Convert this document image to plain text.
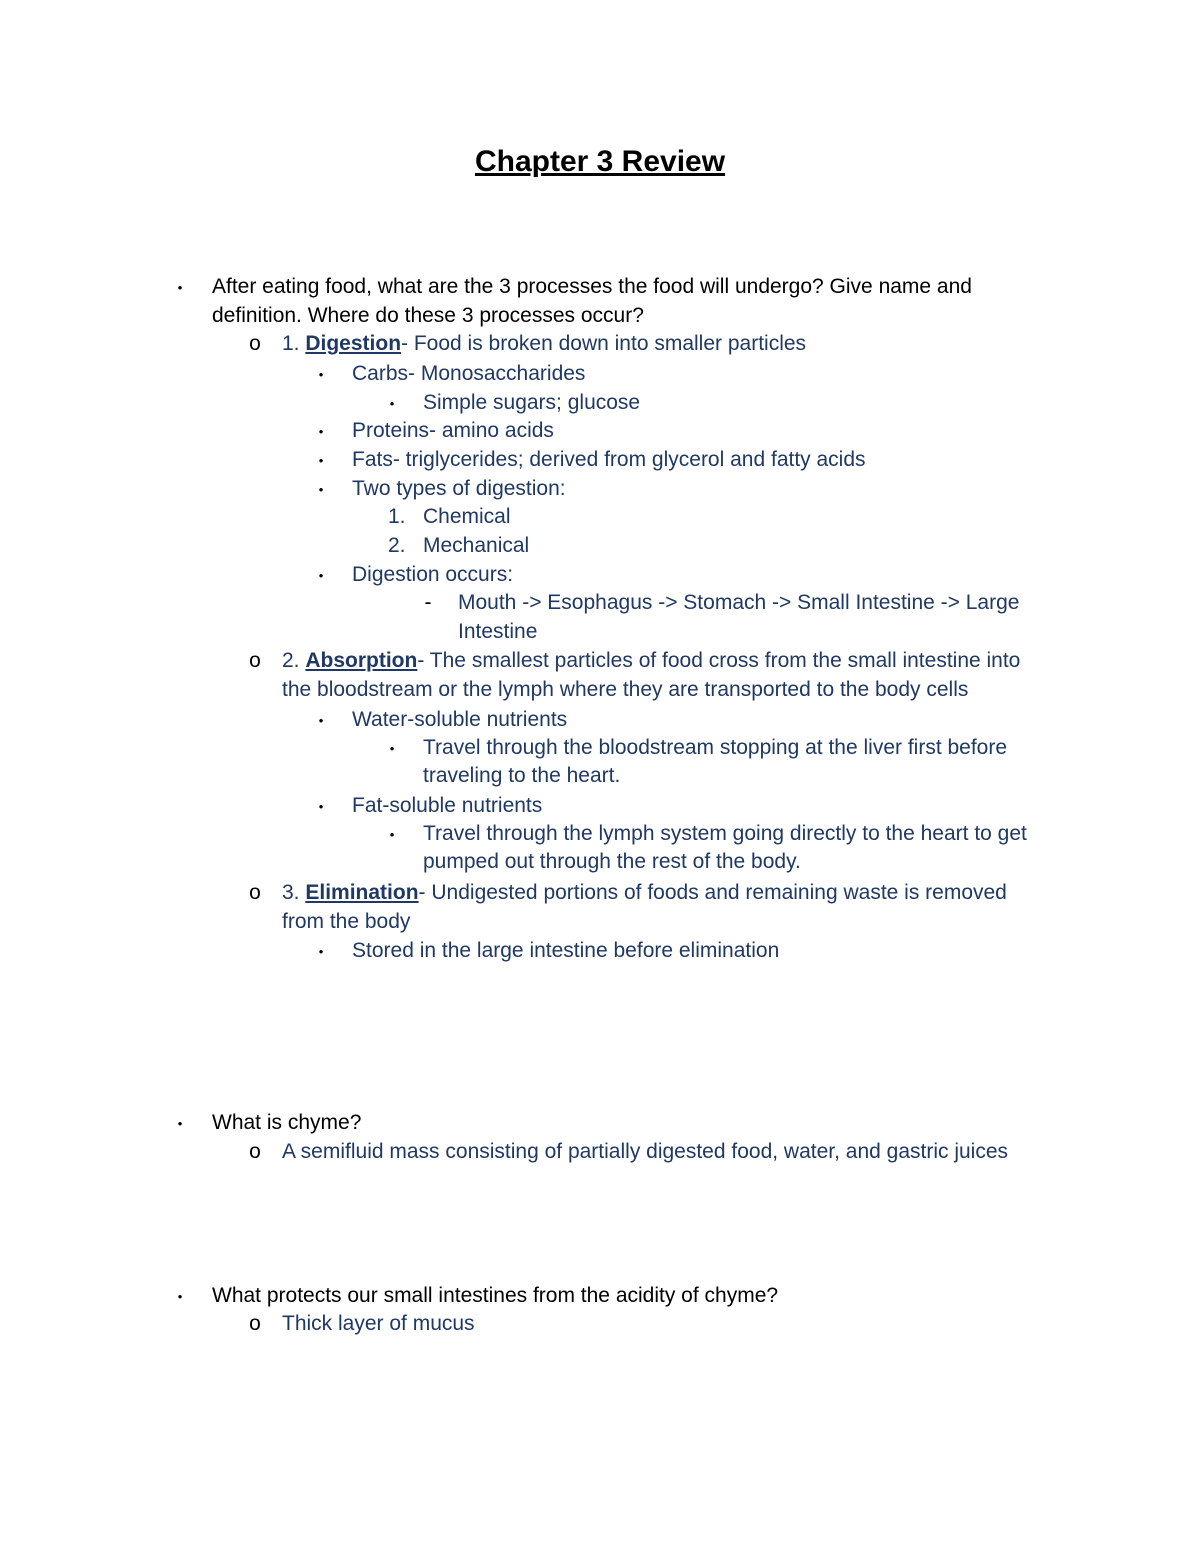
Chapter 3 Review
•	After eating food, what are the 3 processes the food will undergo? Give name and
definition. Where do these 3 processes occur?
o 1. Digestion- Food is broken down into smaller particles
•	Carbs- Monosaccharides
•	Simple sugars; glucose
•	Proteins- amino acids
•	Fats- triglycerides; derived from glycerol and fatty acids
•	Two types of digestion:
1. Chemical
2. Mechanical
•	Digestion occurs:
-	Mouth -> Esophagus -> Stomach -> Small Intestine -> Large
Intestine
o 2. Absorption- The smallest particles of food cross from the small intestine into
the bloodstream or the lymph where they are transported to the body cells
•	Water-soluble nutrients
•	Travel through the bloodstream stopping at the liver first before
traveling to the heart.
•	Fat-soluble nutrients
•	Travel through the lymph system going directly to the heart to get
pumped out through the rest of the body.
o 3. Elimination- Undigested portions of foods and remaining waste is removed
from the body
•	Stored in the large intestine before elimination
•	What is chyme?
o A semifluid mass consisting of partially digested food, water, and gastric juices
•	What protects our small intestines from the acidity of chyme?
o Thick layer of mucus
